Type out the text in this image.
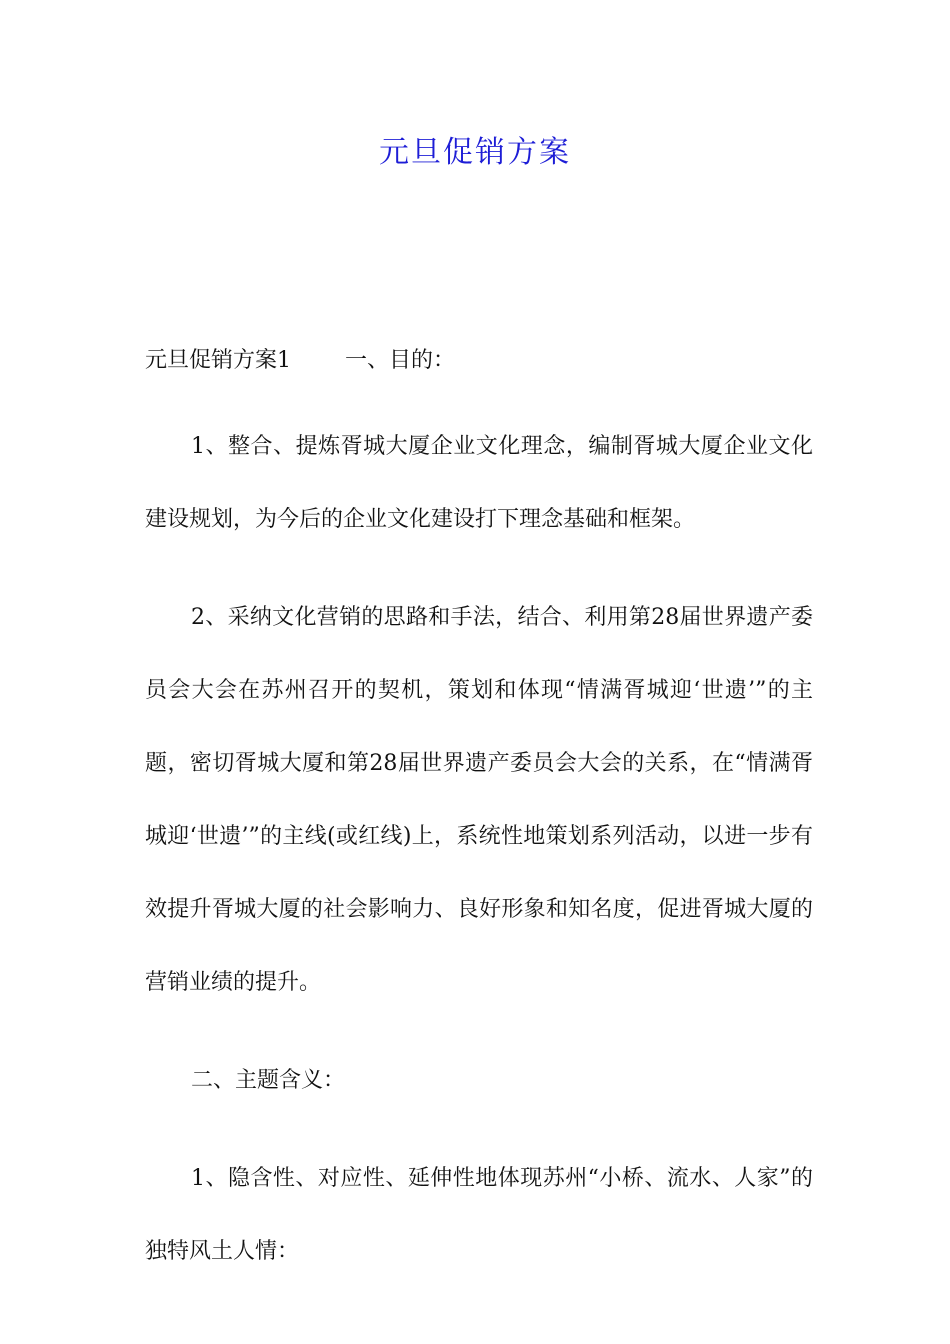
元旦促销方案

元旦促销方案1 一、目的：

1、整合、提炼胥城大厦企业文化理念，编制胥城大厦企业文化建设规划，为今后的企业文化建设打下理念基础和框架。

2、采纳文化营销的思路和手法，结合、利用第28届世界遗产委员会大会在苏州召开的契机，策划和体现“情满胥城迎‘世遗’”的主题，密切胥城大厦和第28届世界遗产委员会大会的关系，在“情满胥城迎‘世遗’”的主线(或红线)上，系统性地策划系列活动，以进一步有效提升胥城大厦的社会影响力、良好形象和知名度，促进胥城大厦的营销业绩的提升。

二、主题含义：

1、隐含性、对应性、延伸性地体现苏州“小桥、流水、人家”的独特风土人情：
